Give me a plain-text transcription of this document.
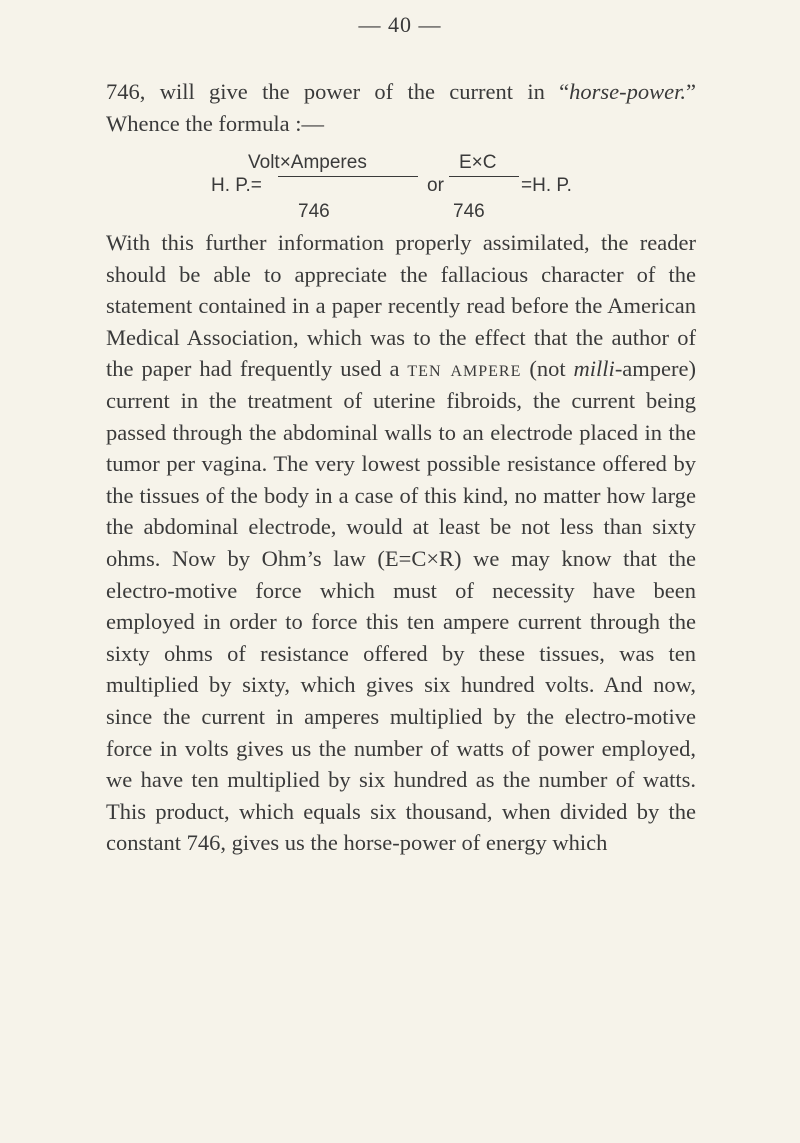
— 40 —
746, will give the power of the current in “horse-power.” Whence the formula :—
Volt×Amperes	E×C
H. P.=	or	=H. P.
746	746
With this further information properly assimilated, the reader should be able to appreciate the fallacious character of the statement contained in a paper recently read before the American Medical Association, which was to the effect that the author of the paper had frequently used a ten ampere (not milli-ampere) current in the treatment of uterine fibroids, the current being passed through the abdominal walls to an electrode placed in the tumor per vagina. The very lowest possible resistance offered by the tissues of the body in a case of this kind, no matter how large the abdominal electrode, would at least be not less than sixty ohms. Now by Ohm’s law (E=C×R) we may know that the electro-motive force which must of necessity have been employed in order to force this ten ampere current through the sixty ohms of resistance offered by these tissues, was ten multiplied by sixty, which gives six hundred volts. And now, since the current in amperes multiplied by the electro-motive force in volts gives us the number of watts of power employed, we have ten multiplied by six hundred as the number of watts. This product, which equals six thousand, when divided by the constant 746, gives us the horse-power of energy which
